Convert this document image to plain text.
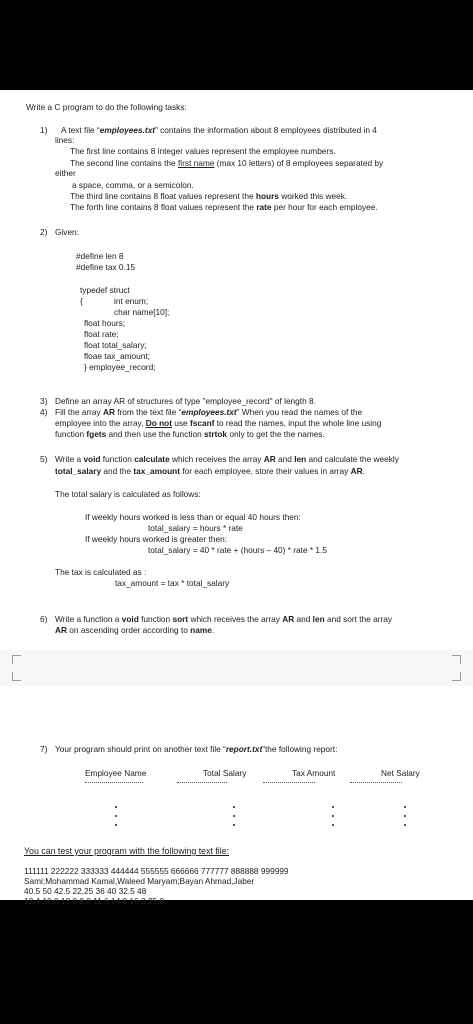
Write a C program to do the following tasks:
1) A text file “employees.txt” contains the information about 8 employees distributed in 4
lines:
The first line contains 8 integer values represent the employee numbers.
The second line contains the first name (max 10 letters) of 8 employees separated by
either
a space, comma, or a semicolon.
The third line contains 8 float values represent the hours worked this week.
The forth line contains 8 float values represent the rate per hour for each employee.
2) Given:
#define len 8
#define tax 0.15
typedef struct
{	int enum;
char name[10];
float hours;
float rate;
float total_salary;
floae tax_amount;
} employee_record;
3) Define an array AR of structures of type "employee_record" of length 8.
4) Fill the array AR from the text file “employees.txt” When you read the names of the
employee into the array, Do not use fscanf to read the names, input the whole line using
function fgets and then use the function strtok only to get the the names.
5) Write a void function calculate which receives the array AR and len and calculate the weekly
total_salary and the tax_amount for each employee, store their values in array AR.
The total salary is calculated as follows:
If weekly hours worked is less than or equal 40 hours then:
total_salary = hours * rate
If weekly hours worked is greater then:
total_salary = 40 * rate + (hours – 40) * rate * 1.5
The tax is calculated as :
tax_amount = tax * total_salary
6) Write a function a void function sort which receives the array AR and len and sort the array
AR on ascending order according to name.
7) Your program should print on another text file “report.txt”the following report:
Employee Name	Total Salary	Tax Amount	Net Salary
You can test your program with the following text file:
111111 222222 333333 444444 555555 666666 777777 888888 999999
Sami;Mohammad Kamal,Waleed Maryam;Bayan Ahmad,Jaber
40.5 50 42.5 22.25 36 40 32.5 48
12.4 10.0 18.0 8.0 11.6 14.0 16.2 25.0
